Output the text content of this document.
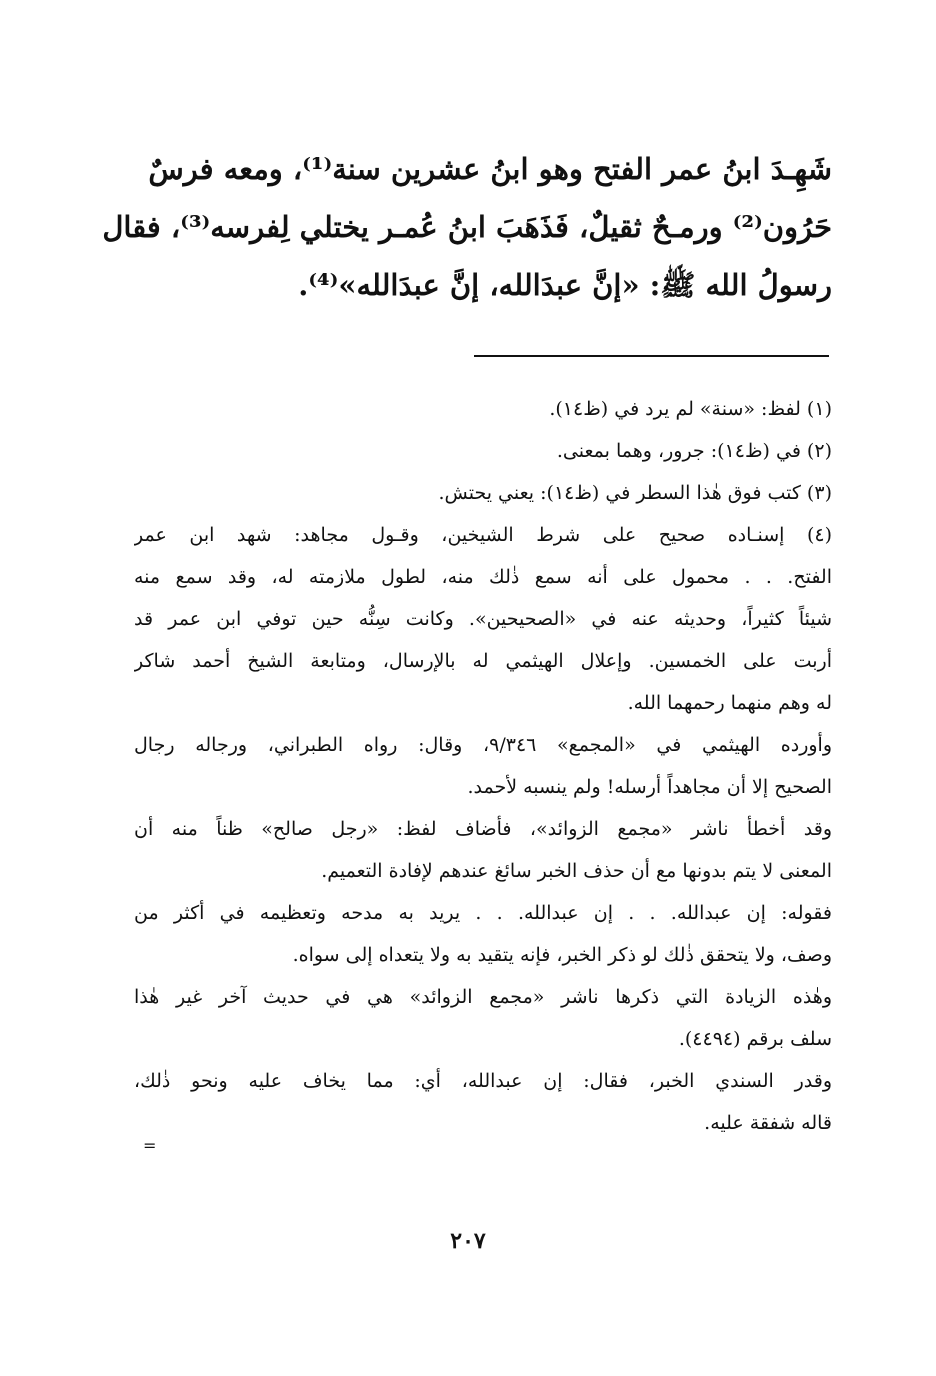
شَهِـدَ ابنُ عمر الفتح وهو ابنُ عشرين سنة⁽¹⁾، ومعه فرسٌ
حَرُون⁽²⁾ ورمـحٌ ثقيلٌ، فَذَهَبَ ابنُ عُمـر يختلي لِفرسه⁽³⁾، فقال
رسولُ الله ﷺ: «إنَّ عبدَالله، إنَّ عبدَالله»⁽⁴⁾.
(١) لفظ: «سنة» لم يرد في (ظ١٤).
(٢) في (ظ١٤): جرور، وهما بمعنى.
(٣) كتب فوق هٰذا السطر في (ظ١٤): يعني يحتش.
(٤) إسنـاده صحيح على شرط الشيخين، وقـول مجاهد: شهد ابن عمر
الفتح. . . محمول على أنه سمع ذٰلك منه، لطول ملازمته له، وقد سمع منه
شيئاً كثيراً، وحديثه عنه في «الصحيحين». وكانت سِنُّه حين توفي ابن عمر قد
أربت على الخمسين. وإعلال الهيثمي له بالإرسال، ومتابعة الشيخ أحمد شاكر
له وهم منهما رحمهما الله.
وأورده الهيثمي في «المجمع» ٩/٣٤٦، وقال: رواه الطبراني، ورجاله رجال
الصحيح إلا أن مجاهداً أرسله! ولم ينسبه لأحمد.
وقد أخطأ ناشر «مجمع الزوائد»، فأضاف لفظ: «رجل صالح» ظناً منه أن
المعنى لا يتم بدونها مع أن حذف الخبر سائغ عندهم لإفادة التعميم.
فقوله: إن عبدالله. . . إن عبدالله. . . يريد به مدحه وتعظيمه في أكثر من
وصف، ولا يتحقق ذٰلك لو ذكر الخبر، فإنه يتقيد به ولا يتعداه إلى سواه.
وهٰذه الزيادة التي ذكرها ناشر «مجمع الزوائد» هي في حديث آخر غير هٰذا
سلف برقم (٤٤٩٤).
وقدر السندي الخبر، فقال: إن عبدالله، أي: مما يخاف عليه ونحو ذٰلك،
قاله شفقة عليه.
=
٢٠٧
